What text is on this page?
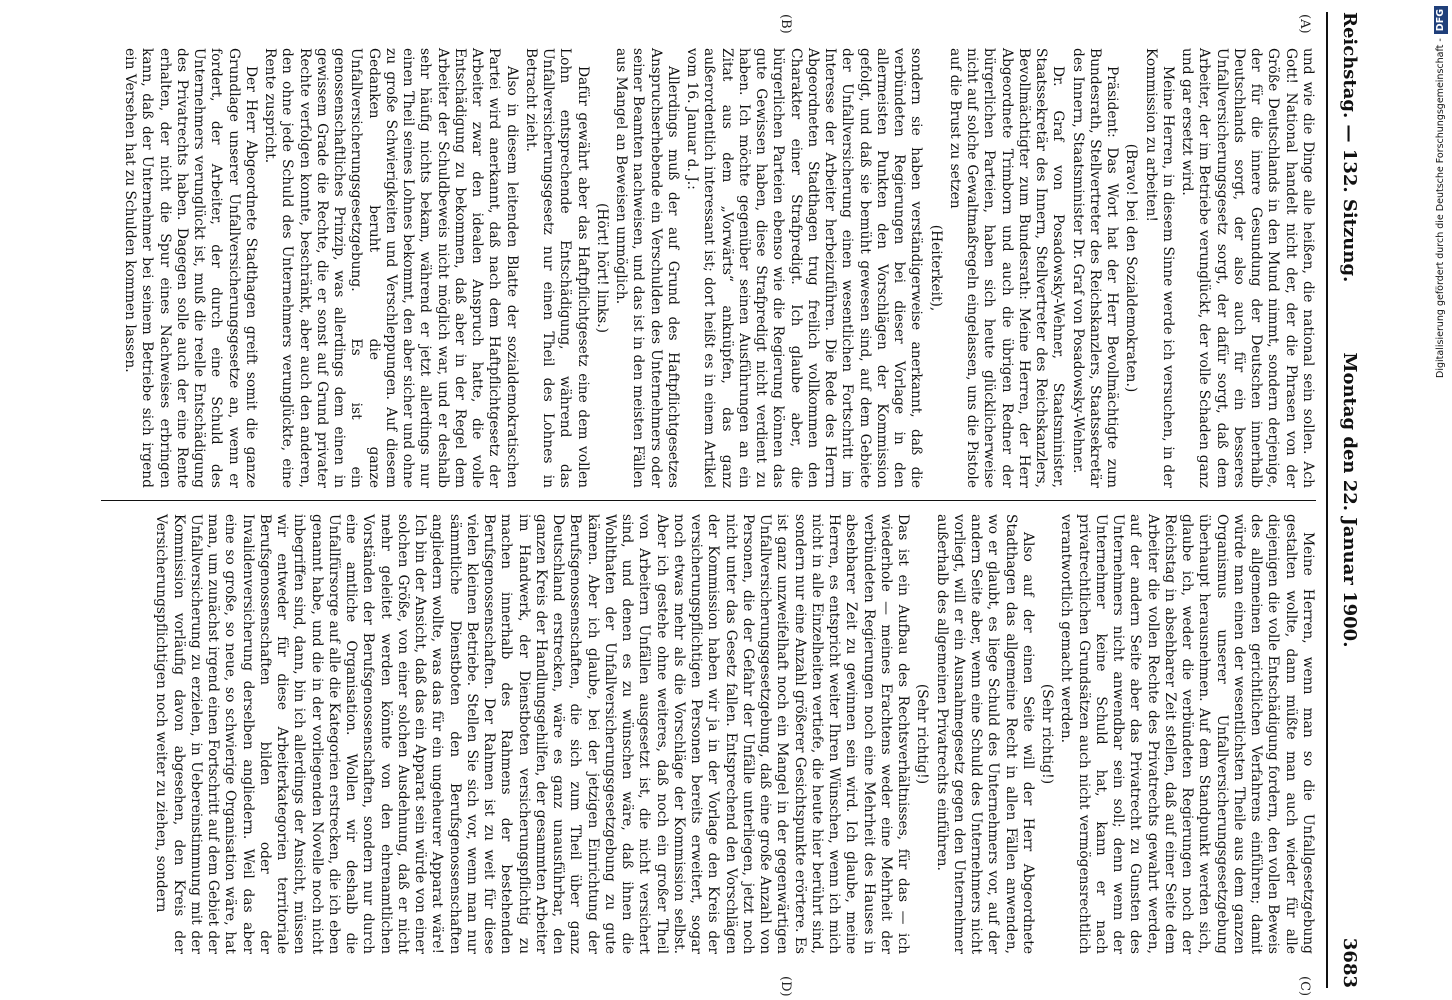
Reichstag. — 132. Sitzung.
Montag den 22. Januar 1900.
3683
(A)
(B)
(C)
(D)

und wie die Dinge alle heißen, die national sein sollen. Ach Gott! National handelt nicht der, der die Phrasen von der Größe Deutschlands in den Mund nimmt, sondern derjenige, der für die innere Gesundung der Deutschen innerhalb Deutschlands sorgt, der also auch für ein besseres Unfallversicherungsgesetz sorgt, der dafür sorgt, daß dem Arbeiter, der im Betriebe verunglückt, der volle Schaden ganz und gar ersetzt wird.

Meine Herren, in diesem Sinne werde ich versuchen, in der Kommission zu arbeiten!

(Bravo! bei den Sozialdemokraten.)

Präsident: Das Wort hat der Herr Bevollmächtigte zum Bundesrath, Stellvertreter des Reichskanzlers, Staatssekretär des Innern, Staatsminister Dr. Graf von Posadowsky-Wehner.

Dr. Graf von Posadowsky-Wehner, Staatsminister, Staatssekretär des Innern, Stellvertreter des Reichskanzlers, Bevollmächtigter zum Bundesrath: Meine Herren, der Herr Abgeordnete Trimborn und auch die übrigen Redner der bürgerlichen Parteien, haben sich heute glücklicherweise nicht auf solche Gewaltmaßregeln eingelassen, uns die Pistole auf die Brust zu setzen

(Heiterkeit),

sondern sie haben verständigerweise anerkannt, daß die verbündeten Regierungen bei dieser Vorlage in den allermeisten Punkten den Vorschlägen der Kommission gefolgt, und daß sie bemüht gewesen sind, auf dem Gebiete der Unfallversicherung einen wesentlichen Fortschritt im Interesse der Arbeiter herbeizuführen. Die Rede des Herrn Abgeordneten Stadthagen trug freilich vollkommen den Charakter einer Strafpredigt. Ich glaube aber, die bürgerlichen Parteien ebenso wie die Regierung können das gute Gewissen haben, diese Strafpredigt nicht verdient zu haben. Ich möchte gegenüber seinen Ausführungen an ein Zitat aus dem „Vorwärts“ anknüpfen, das ganz außerordentlich interessant ist; dort heißt es in einem Artikel vom 16. Januar d. J.:

Allerdings muß der auf Grund des Haftpflichtgesetzes Anspruchserhebende ein Verschulden des Unternehmers oder seiner Beamten nachweisen, und das ist in den meisten Fällen aus Mangel an Beweisen unmöglich.

(Hört! hört! links.)

Dafür gewährt aber das Haftpflichtgesetz eine dem vollen Lohn entsprechende Entschädigung, während das Unfallversicherungsgesetz nur einen Theil des Lohnes in Betracht zieht.

Also in diesem leitenden Blatte der sozialdemokratischen Partei wird anerkannt, daß nach dem Haftpflichtgesetz der Arbeiter zwar den idealen Anspruch hatte, die volle Entschädigung zu bekommen, daß aber in der Regel dem Arbeiter der Schuldbeweis nicht möglich war, und er deshalb sehr häufig nichts bekam, während er jetzt allerdings nur einen Theil seines Lohnes bekommt, den aber sicher und ohne zu große Schwierigkeiten und Verschleppungen. Auf diesem Gedanken beruht die ganze Unfallversicherungsgesetzgebung. Es ist ein genossenschaftliches Prinzip, was allerdings dem einen in gewissem Grade die Rechte, die er sonst auf Grund privater Rechte verfolgen konnte, beschränkt, aber auch den anderen, den ohne jede Schuld des Unternehmers verunglückte, eine Rente zuspricht.

Der Herr Abgeordnete Stadthagen greift somit die ganze Grundlage unserer Unfallversicherungsgesetze an, wenn er fordert, der Arbeiter, der durch eine Schuld des Unternehmers verunglückt ist, muß die reelle Entschädigung des Privatrechts haben. Dagegen solle auch der eine Rente erhalten, der nicht die Spur eines Nachweises erbringen kann, daß der Unternehmer bei seinem Betriebe sich irgend ein Versehen hat zu Schulden kommen lassen.

Meine Herren, wenn man so die Unfallgesetzgebung gestalten wollte, dann müßte man auch wieder für alle diejenigen die volle Entschädigung fordern, den vollen Beweis des allgemeinen gerichtlichen Verfahrens einführen; damit würde man einen der wesentlichsten Theile aus dem ganzen Organismus unserer Unfallversicherungsgesetzgebung überhaupt herausnehmen. Auf dem Standpunkt werden sich, glaube ich, weder die verbündeten Regierungen noch der Reichstag in absehbarer Zeit stellen, daß auf einer Seite dem Arbeiter die vollen Rechte des Privatrechts gewahrt werden, auf der andern Seite aber das Privatrecht zu Gunsten des Unternehmers nicht anwendbar sein soll; denn wenn der Unternehmer keine Schuld hat, kann er nach privatrechtlichen Grundsätzen auch nicht vermögensrechtlich verantwortlich gemacht werden.

(Sehr richtig!)

Also auf der einen Seite will der Herr Abgeordnete Stadthagen das allgemeine Recht in allen Fällen anwenden, wo er glaubt, es liege Schuld des Unternehmers vor, auf der andern Seite aber, wenn eine Schuld des Unternehmers nicht vorliegt, will er ein Ausnahmegesetz gegen den Unternehmer außerhalb des allgemeinen Privatrechts einführen.

(Sehr richtig!)

Das ist ein Aufbau des Rechtsverhältnisses, für das — ich wiederhole — meines Erachtens weder eine Mehrheit der verbündeten Regierungen noch eine Mehrheit des Hauses in absehbarer Zeit zu gewinnen sein wird. Ich glaube, meine Herren, es entspricht weiter Ihren Wünschen, wenn ich mich nicht in alle Einzelheiten vertiefe, die heute hier berührt sind, sondern nur eine Anzahl größerer Gesichtspunkte erörtere. Es ist ganz unzweifelhaft noch ein Mangel in der gegenwärtigen Unfallversicherungsgesetzgebung, daß eine große Anzahl von Personen, die der Gefahr der Unfälle unterliegen, jetzt noch nicht unter das Gesetz fallen. Entsprechend den Vorschlägen der Kommission haben wir ja in der Vorlage den Kreis der versicherungspflichtigen Personen bereits erweitert, sogar noch etwas mehr als die Vorschläge der Kommission selbst. Aber ich gestehe ohne weiteres, daß noch ein großer Theil von Arbeitern Unfällen ausgesetzt ist, die nicht versichert sind, und denen es zu wünschen wäre, daß ihnen die Wohlthaten der Unfallversicherungsgesetzgebung zu gute kämen. Aber ich glaube, bei der jetzigen Einrichtung der Berufsgenossenschaften, die sich zum Theil über ganz Deutschland erstrecken, wäre es ganz unausführbar, den ganzen Kreis der Handlungsgehilfen, der gesammten Arbeiter im Handwerk, der Dienstboten versicherungspflichtig zu machen innerhalb des Rahmens der bestehenden Berufsgenossenschaften. Der Rahmen ist zu weit für diese vielen kleinen Betriebe. Stellen Sie sich vor, wenn man nur sämmtliche Dienstboten den Berufsgenossenschaften angliedern wollte, was das für ein ungeheurer Apparat wäre! Ich bin der Ansicht, daß das ein Apparat sein würde von einer solchen Größe, von einer solchen Ausdehnung, daß er nicht mehr geleitet werden könnte von den ehrenamtlichen Vorständen der Berufsgenossenschaften, sondern nur durch eine amtliche Organisation. Wollen wir deshalb die Unfallfürsorge auf alle die Kategorien erstrecken, die ich eben genannt habe, und die in der vorliegenden Novelle noch nicht inbegriffen sind, dann, bin ich allerdings der Ansicht, müssen wir entweder für diese Arbeiterkategorien territoriale Berufsgenossenschaften bilden oder der Invalidenversicherung derselben angliedern. Weil das aber eine so große, so neue, so schwierige Organisation wäre, hat man, um zunächst irgend einen Fortschritt auf dem Gebiet der Unfallversicherung zu erzielen, in Uebereinstimmung mit der Kommission vorläufig davon abgesehen, den Kreis der Versicherungspflichtigen noch weiter zu ziehen, sondern

Digitalisierung gefördert durch die Deutsche Forschungsgemeinschaft -DFG
